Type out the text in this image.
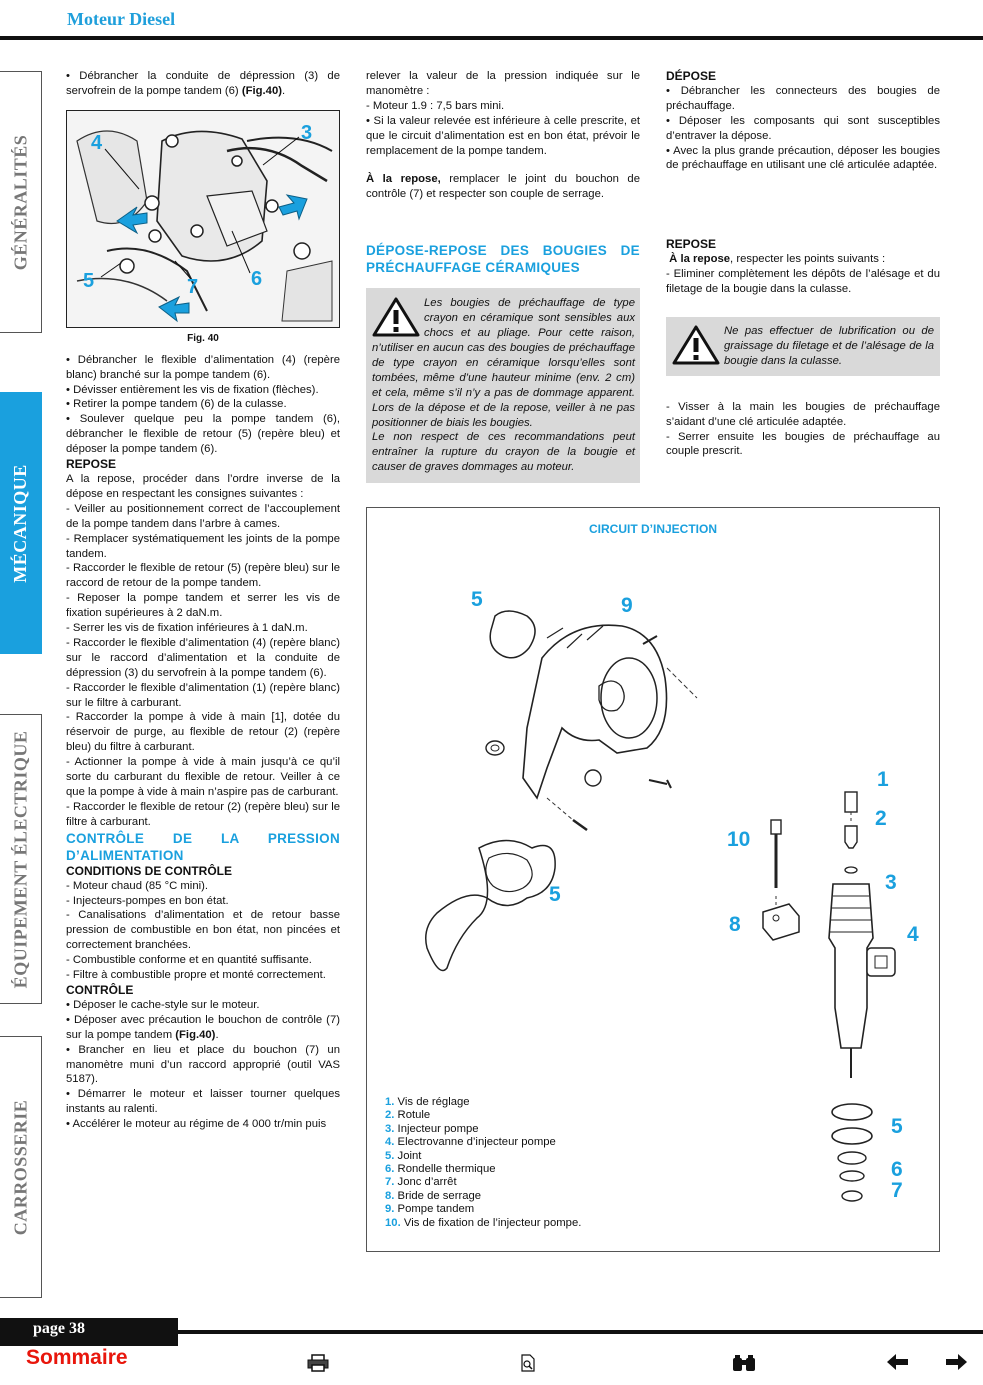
Moteur Diesel
GÉNÉRALITÉS
MÉCANIQUE
ÉQUIPEMENT ÉLECTRIQUE
CARROSSERIE

• Débrancher la conduite de dépression (3) de servofrein de la pompe tandem (6) (Fig.40).

4	3
5	7	6
Fig. 40

• Débrancher le flexible d’alimentation (4) (repère blanc) branché sur la pompe tandem (6).

• Dévisser entièrement les vis de fixation (flèches).

• Retirer la pompe tandem (6) de la culasse.

• Soulever quelque peu la pompe tandem (6), débrancher le flexible de retour (5) (repère bleu) et déposer la pompe tandem (6).

REPOSE

A la repose, procéder dans l’ordre inverse de la dépose en respectant les consignes suivantes :

- Veiller au positionnement correct de l’accouplement de la pompe tandem dans l’arbre à cames.

- Remplacer systématiquement les joints de la pompe tandem.

- Raccorder le flexible de retour (5) (repère bleu) sur le raccord de retour de la pompe tandem.

- Reposer la pompe tandem et serrer les vis de fixation supérieures à 2 daN.m.

- Serrer les vis de fixation inférieures à 1 daN.m.

- Raccorder le flexible d’alimentation (4) (repère blanc) sur le raccord d’alimentation et la conduite de dépression (3) du servofrein à la pompe tandem (6).

- Raccorder le flexible d’alimentation (1) (repère blanc) sur le filtre à carburant.

- Raccorder la pompe à vide à main [1], dotée du réservoir de purge, au flexible de retour (2) (repère bleu) du filtre à carburant.

- Actionner la pompe à vide à main jusqu’à ce qu’il sorte du carburant du flexible de retour. Veiller à ce que la pompe à vide à main n’aspire pas de carburant.

- Raccorder le flexible de retour (2) (repère bleu) sur le filtre à carburant.

CONTRÔLE DE LA PRESSION D’ALIMENTATION

CONDITIONS DE CONTRÔLE

- Moteur chaud (85 °C mini).

- Injecteurs-pompes en bon état.

- Canalisations d’alimentation et de retour basse pression de combustible en bon état, non pincées et correctement branchées.

- Combustible conforme et en quantité suffisante.

- Filtre à combustible propre et monté correctement.

CONTRÔLE

• Déposer le cache-style sur le moteur.

• Déposer avec précaution le bouchon de contrôle (7) sur la pompe tandem (Fig.40).

• Brancher en lieu et place du bouchon (7) un manomètre muni d’un raccord approprié (outil VAS 5187).

• Démarrer le moteur et laisser tourner quelques instants au ralenti.

• Accélérer le moteur au régime de 4 000 tr/min puis

relever la valeur de la pression indiquée sur le manomètre :

- Moteur 1.9 : 7,5 bars mini.

• Si la valeur relevée est inférieure à celle prescrite, et que le circuit d’alimentation est en bon état, prévoir le remplacement de la pompe tandem.

À la repose, remplacer le joint du bouchon de contrôle (7) et respecter son couple de serrage.

DÉPOSE-REPOSE DES BOUGIES DE PRÉCHAUFFAGE CÉRAMIQUES

Les bougies de préchauffage de type crayon en céramique sont sensibles aux chocs et au pliage. Pour cette raison, n’utiliser en aucun cas des bougies de préchauffage de type crayon en céramique lorsqu’elles sont tombées, même d’une hauteur minime (env. 2 cm) et cela, même s’il n’y a pas de dommage apparent. Lors de la dépose et de la repose, veiller à ne pas positionner de biais les bougies.
Le non respect de ces recommandations peut entraîner la rupture du crayon de la bougie et causer de graves dommages au moteur.

DÉPOSE

• Débrancher les connecteurs des bougies de préchauffage.

• Déposer les composants qui sont susceptibles d’entraver la dépose.

• Avec la plus grande précaution, déposer les bougies de préchauffage en utilisant une clé articulée adaptée.

REPOSE

À la repose, respecter les points suivants :

- Eliminer complètement les dépôts de l’alésage et du filetage de la bougie dans la culasse.

Ne pas effectuer de lubrification ou de graissage du filetage et de l’alésage de la bougie dans la culasse.

- Visser à la main les bougies de préchauffage s’aidant d’une clé articulée adaptée.

- Serrer ensuite les bougies de préchauffage au couple prescrit.

CIRCUIT D’INJECTION
5	9
5
10
8
1
2
3
4
5
6
7
1. Vis de réglage
2. Rotule
3. Injecteur pompe
4. Electrovanne d’injecteur pompe
5. Joint
6. Rondelle thermique
7. Jonc d’arrêt
8. Bride de serrage
9. Pompe tandem
10. Vis de fixation de l’injecteur pompe.
page 38
Sommaire
